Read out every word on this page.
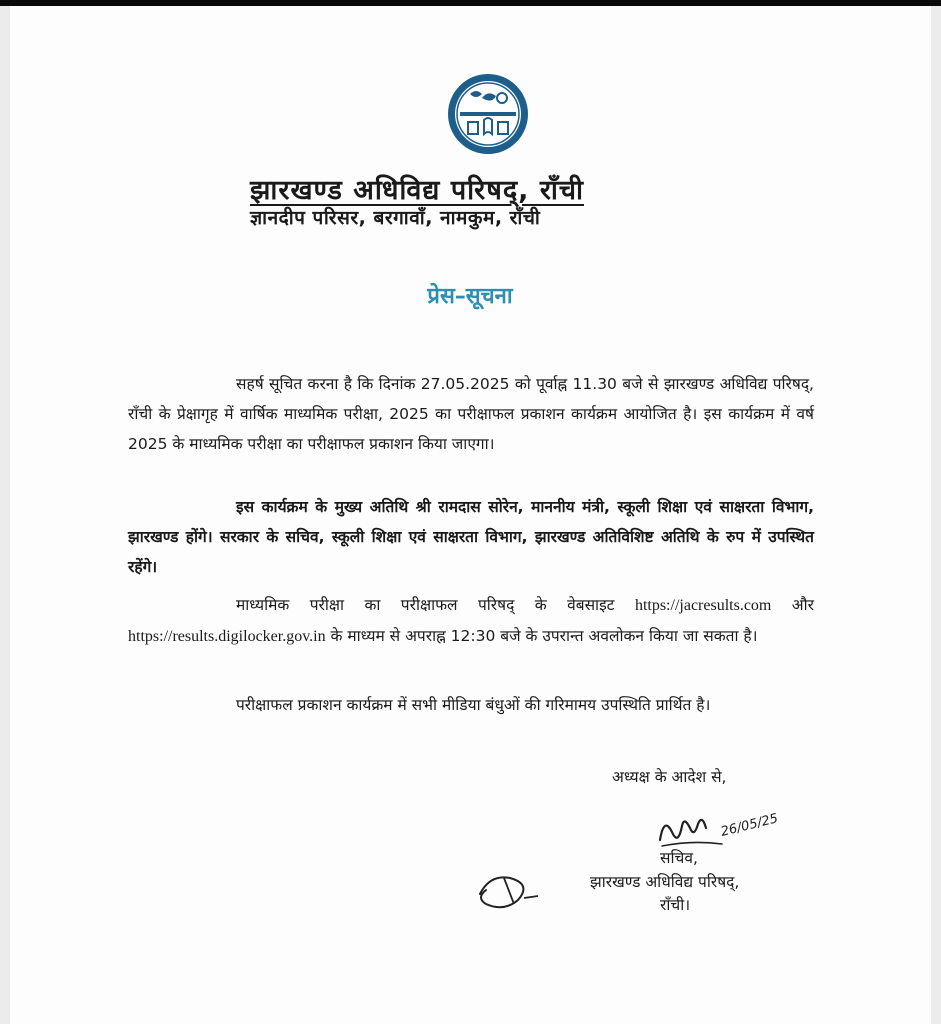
झारखण्ड अधिविद्य परिषद्, राँची
ज्ञानदीप परिसर, बरगावाँ, नामकुम, राँची
प्रेस–सूचना
सहर्ष सूचित करना है कि दिनांक 27.05.2025 को पूर्वाह्न 11.30 बजे से झारखण्ड अधिविद्य परिषद्, राँची के प्रेक्षागृह में वार्षिक माध्यमिक परीक्षा, 2025 का परीक्षाफल प्रकाशन कार्यक्रम आयोजित है। इस कार्यक्रम में वर्ष 2025 के माध्यमिक परीक्षा का परीक्षाफल प्रकाशन किया जाएगा।
इस कार्यक्रम के मुख्य अतिथि श्री रामदास सोरेन, माननीय मंत्री, स्कूली शिक्षा एवं साक्षरता विभाग, झारखण्ड होंगे। सरकार के सचिव, स्कूली शिक्षा एवं साक्षरता विभाग, झारखण्ड अतिविशिष्ट अतिथि के रुप में उपस्थित रहेंगे।
माध्यमिक परीक्षा का परीक्षाफल परिषद् के वेबसाइट https://jacresults.com और https://results.digilocker.gov.in के माध्यम से अपराह्न 12:30 बजे के उपरान्त अवलोकन किया जा सकता है।
परीक्षाफल प्रकाशन कार्यक्रम में सभी मीडिया बंधुओं की गरिमामय उपस्थिति प्रार्थित है।
अध्यक्ष के आदेश से,
26/05/25
सचिव,
झारखण्ड अधिविद्य परिषद्,
राँची।
